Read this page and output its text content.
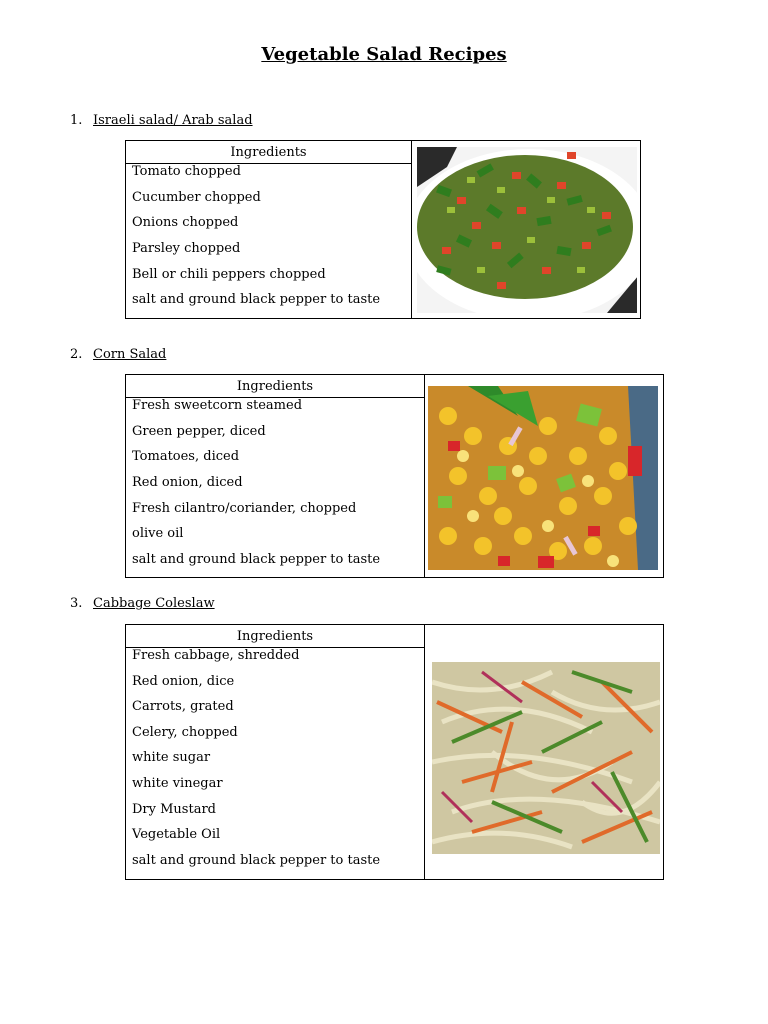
Vegetable Salad Recipes
1. Israeli salad/ Arab salad
Ingredients
Tomato chopped
Cucumber chopped
Onions chopped
Parsley chopped
Bell or chili peppers chopped
salt and ground black pepper to taste
2. Corn Salad
Ingredients
Fresh sweetcorn steamed
Green pepper, diced
Tomatoes, diced
Red onion, diced
Fresh cilantro/coriander, chopped
olive oil
salt and ground black pepper to taste
3. Cabbage Coleslaw
Ingredients
Fresh cabbage, shredded
Red onion, dice
Carrots, grated
Celery, chopped
white sugar
white vinegar
Dry Mustard
Vegetable Oil
salt and ground black pepper to taste
